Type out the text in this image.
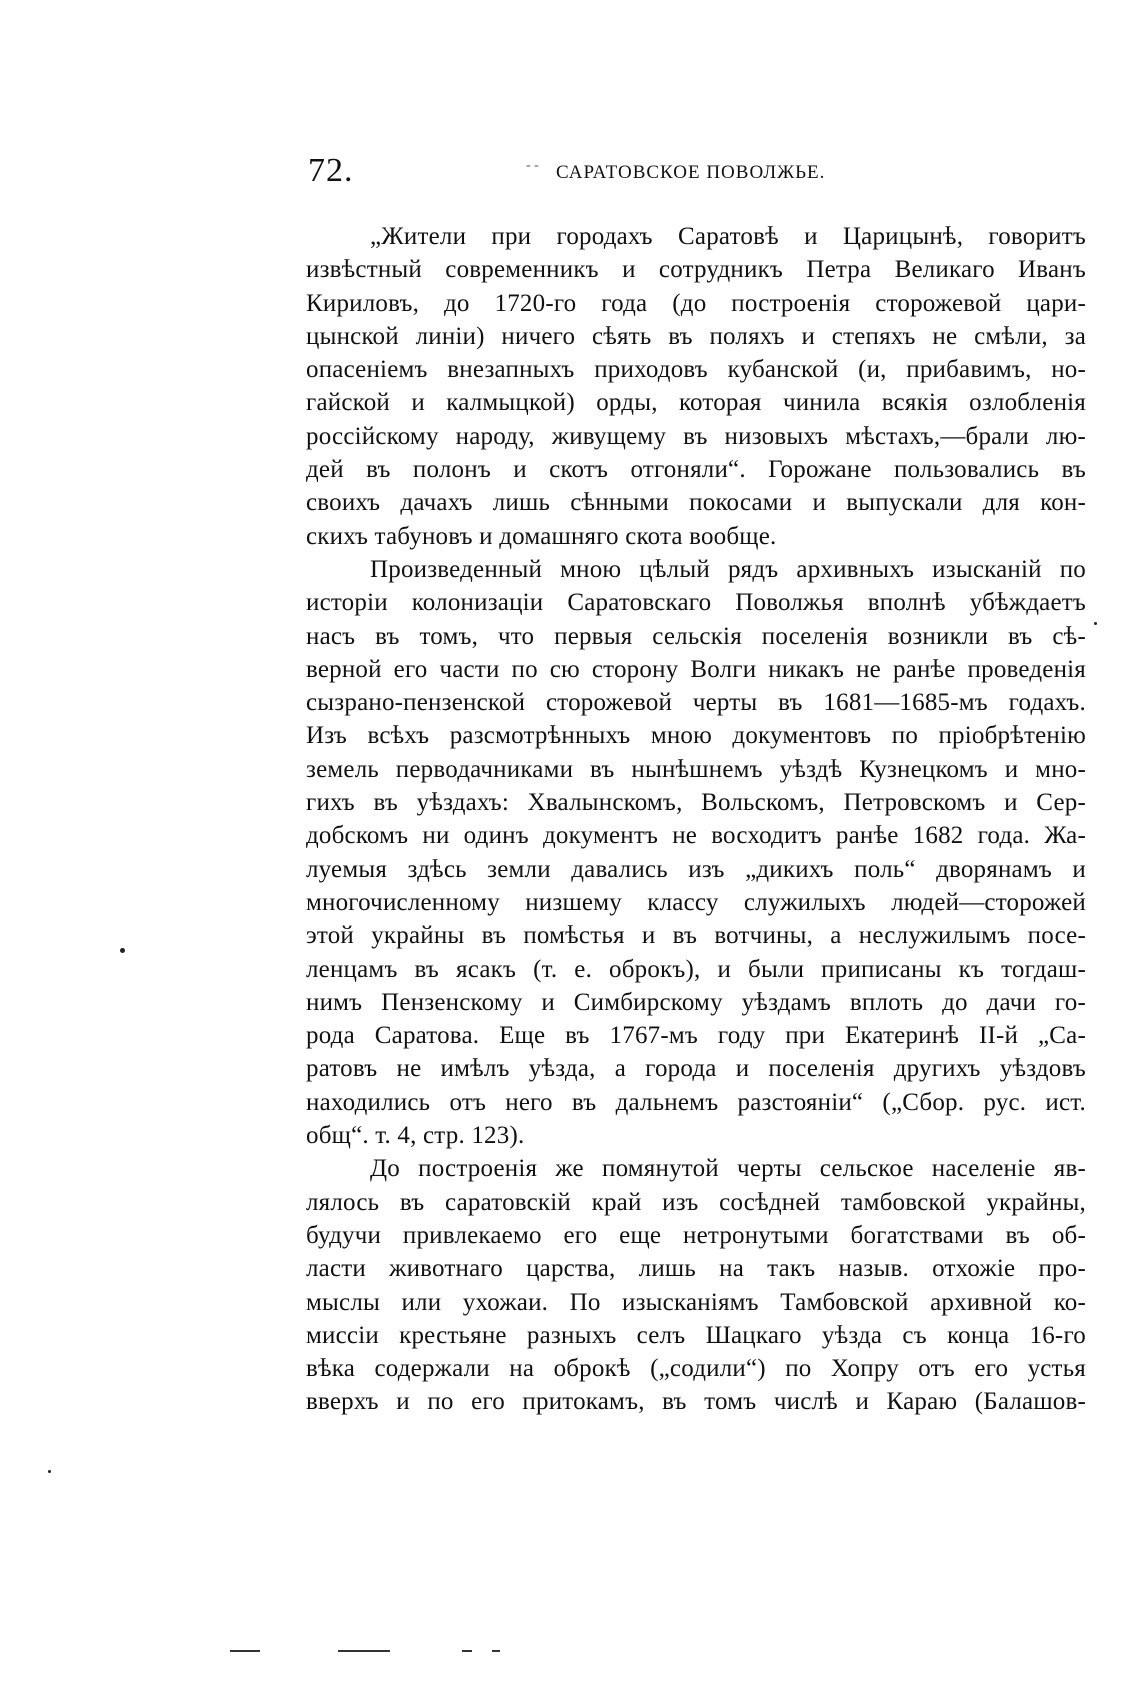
72.	- - САРАТОВСКОЕ ПОВОЛЖЬЕ.
„Жители при городахъ Саратовѣ и Царицынѣ, говоритъ
извѣстный современникъ и сотрудникъ Петра Великаго Иванъ
Кириловъ, до 1720-го года (до построенія сторожевой цари-
цынской линіи) ничего сѣять въ поляхъ и степяхъ не смѣли, за
опасеніемъ внезапныхъ приходовъ кубанской (и, прибавимъ, но-
гайской и калмыцкой) орды, которая чинила всякія озлобленія
россійскому народу, живущему въ низовыхъ мѣстахъ,—брали лю-
дей въ полонъ и скотъ отгоняли“. Горожане пользовались въ
своихъ дачахъ лишь сѣнными покосами и выпускали для кон-
скихъ табуновъ и домашняго скота вообще.
Произведенный мною цѣлый рядъ архивныхъ изысканій по
исторіи колонизаціи Саратовскаго Поволжья вполнѣ убѣждаетъ
насъ въ томъ, что первыя сельскія поселенія возникли въ сѣ-
верной его части по сю сторону Волги никакъ не ранѣе проведенія
сызрано-пензенской сторожевой черты въ 1681—1685-мъ годахъ.
Изъ всѣхъ разсмотрѣнныхъ мною документовъ по пріобрѣтенію
земель перводачниками въ нынѣшнемъ уѣздѣ Кузнецкомъ и мно-
гихъ въ уѣздахъ: Хвалынскомъ, Вольскомъ, Петровскомъ и Сер-
добскомъ ни одинъ документъ не восходитъ ранѣе 1682 года. Жа-
луемыя здѣсь земли давались изъ „дикихъ поль“ дворянамъ и
многочисленному низшему классу служилыхъ людей—сторожей
этой украйны въ помѣстья и въ вотчины, а неслужилымъ посе-
ленцамъ въ ясакъ (т. е. оброкъ), и были приписаны къ тогдаш-
нимъ Пензенскому и Симбирскому уѣздамъ вплоть до дачи го-
рода Саратова. Еще въ 1767-мъ году при Екатеринѣ II-й „Са-
ратовъ не имѣлъ уѣзда, а города и поселенія другихъ уѣздовъ
находились отъ него въ дальнемъ разстояніи“ („Сбор. рус. ист.
общ“. т. 4, стр. 123).
До построенія же помянутой черты сельское населеніе яв-
лялось въ саратовскій край изъ сосѣдней тамбовской украйны,
будучи привлекаемо его еще нетронутыми богатствами въ об-
ласти животнаго царства, лишь на такъ назыв. отхожіе про-
мыслы или ухожаи. По изысканіямъ Тамбовской архивной ко-
миссіи крестьяне разныхъ селъ Шацкаго уѣзда съ конца 16-го
вѣка содержали на оброкѣ („содили“) по Хопру отъ его устья
вверхъ и по его притокамъ, въ томъ числѣ и Караю (Балашов-
